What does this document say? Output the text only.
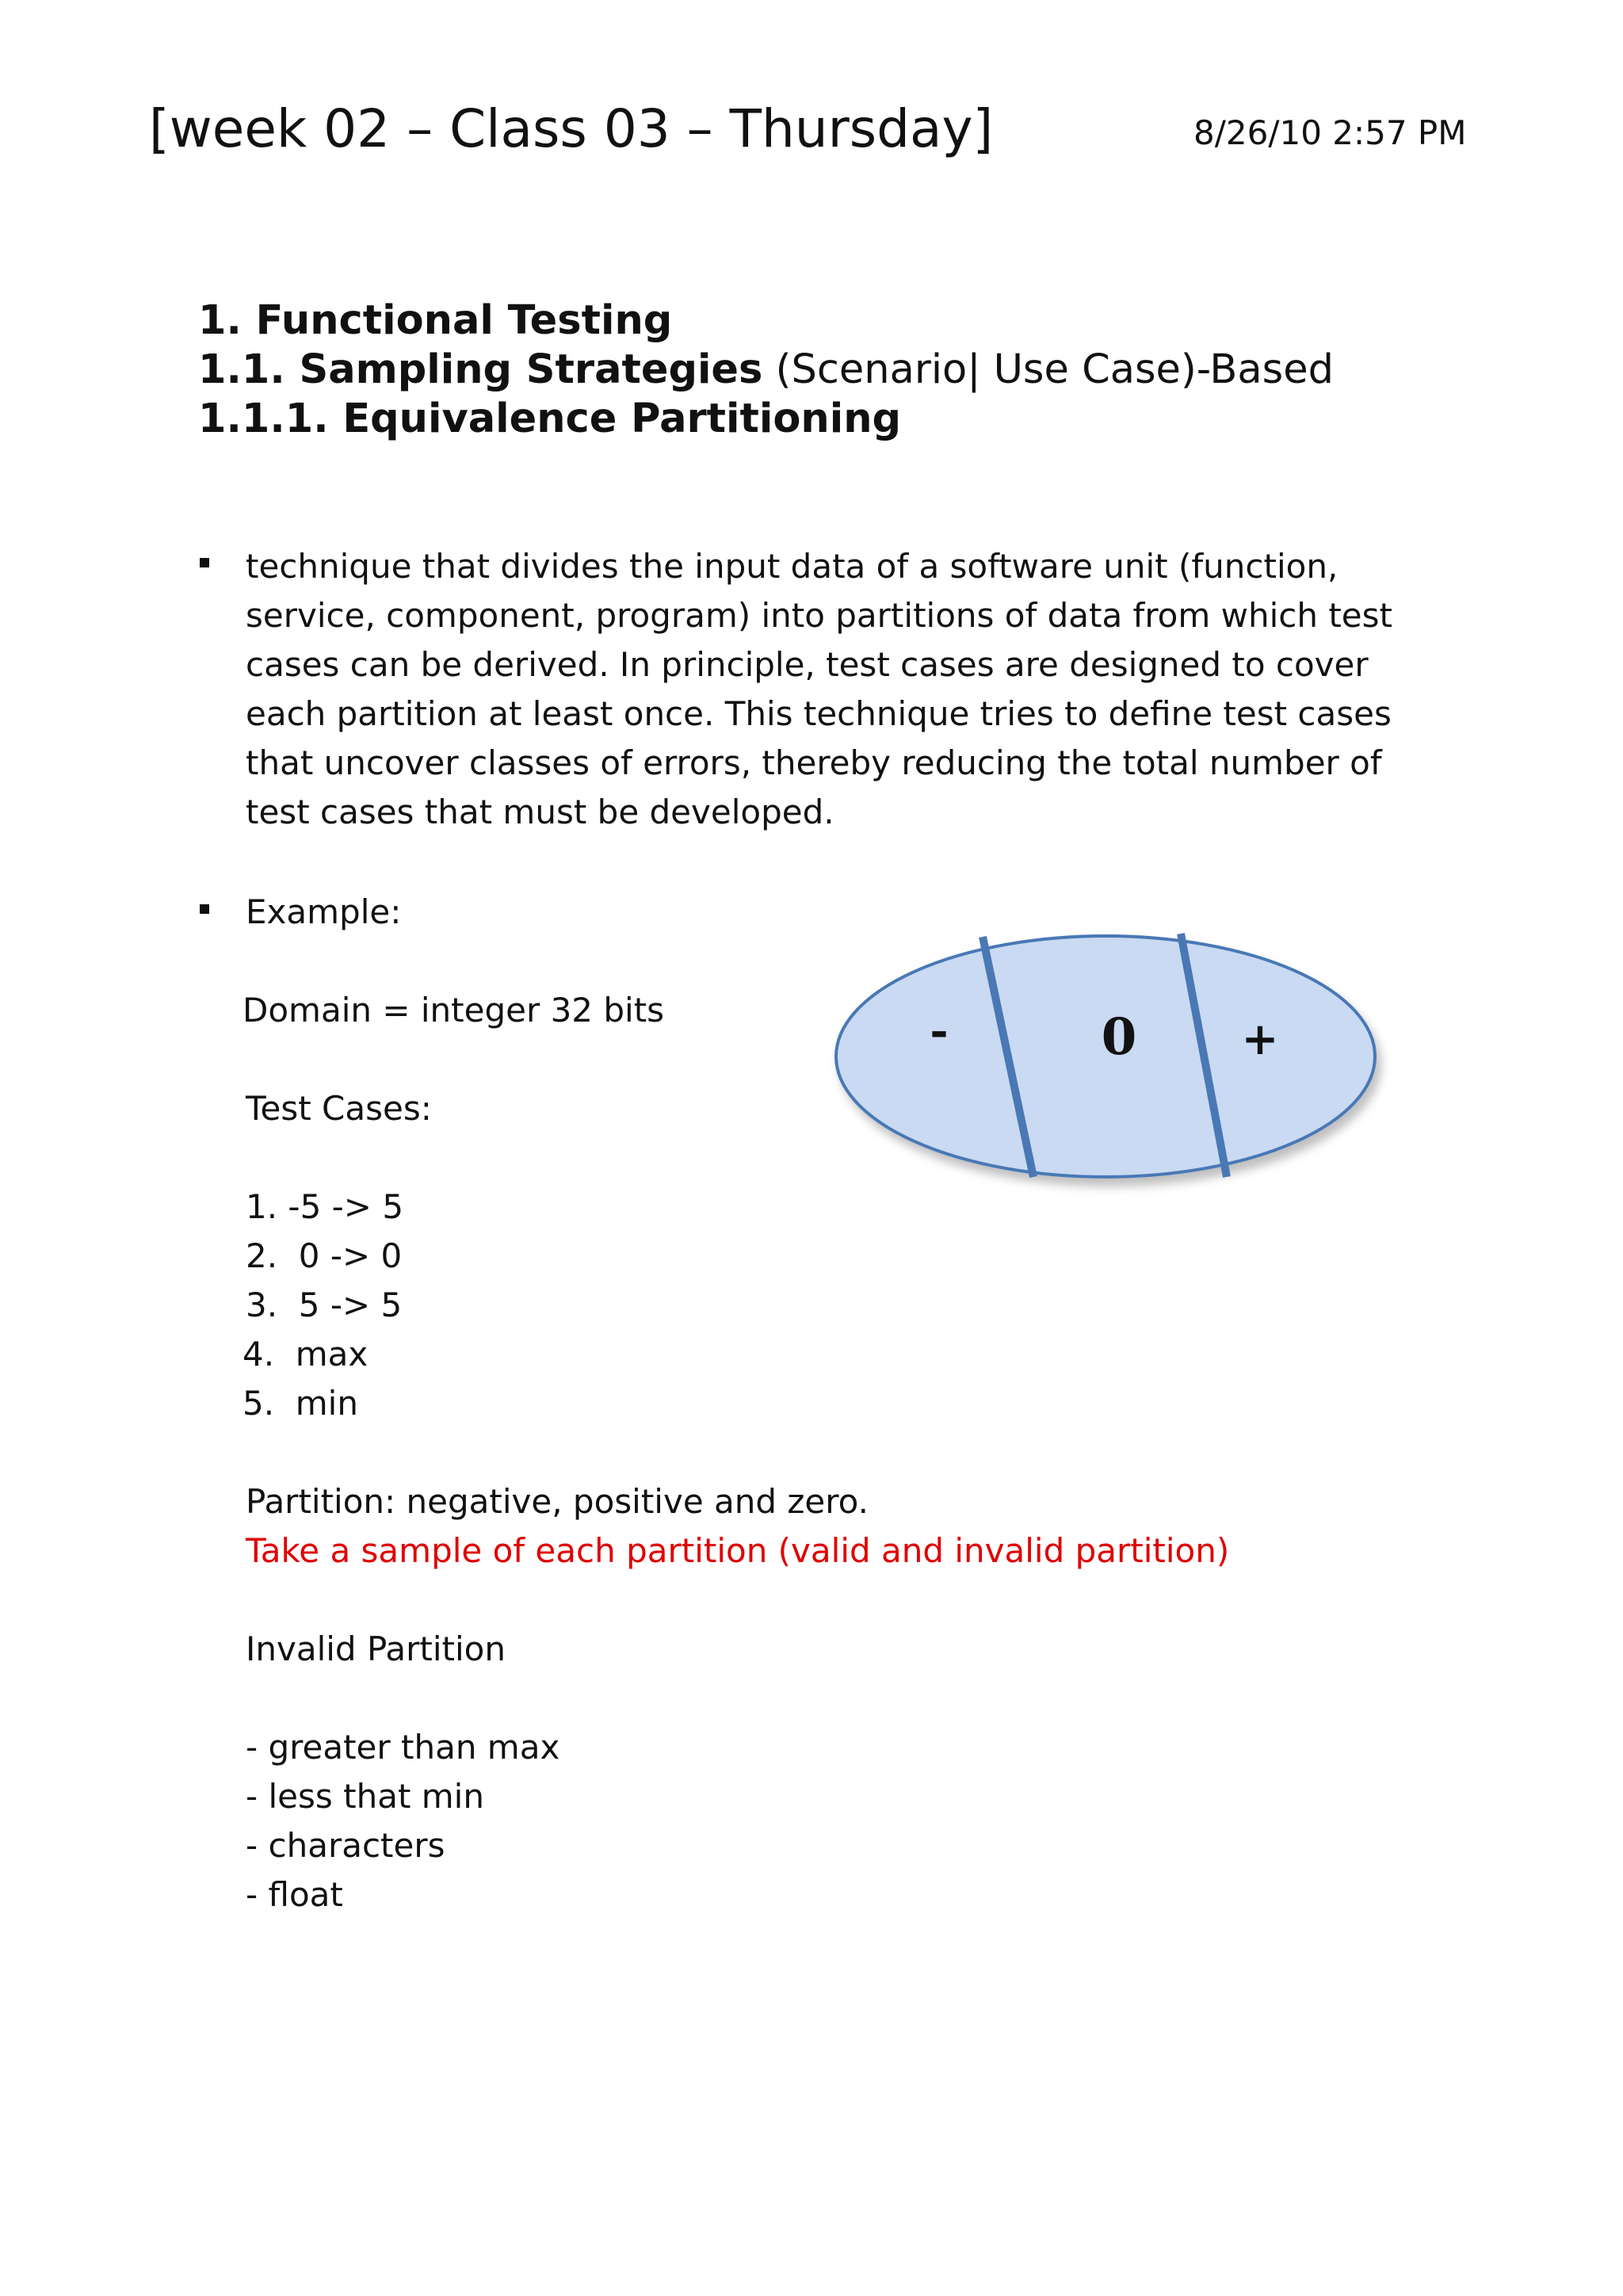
[week 02 – Class 03 – Thursday]	8/26/10 2:57 PM
1. Functional Testing
1.1. Sampling Strategies (Scenario| Use Case)-Based
1.1.1. Equivalence Partitioning
technique that divides the input data of a software unit (function,
service, component, program) into partitions of data from which test
cases can be derived. In principle, test cases are designed to cover
each partition at least once. This technique tries to define test cases
that uncover classes of errors, thereby reducing the total number of
test cases that must be developed.
Example:
Domain = integer 32 bits
Test Cases:
1. -5 -> 5
2.  0 -> 0
3.  5 -> 5
4.  max
5.  min
Partition: negative, positive and zero.
Take a sample of each partition (valid and invalid partition)
Invalid Partition
- greater than max
- less that min
- characters
- float
-	0 +
